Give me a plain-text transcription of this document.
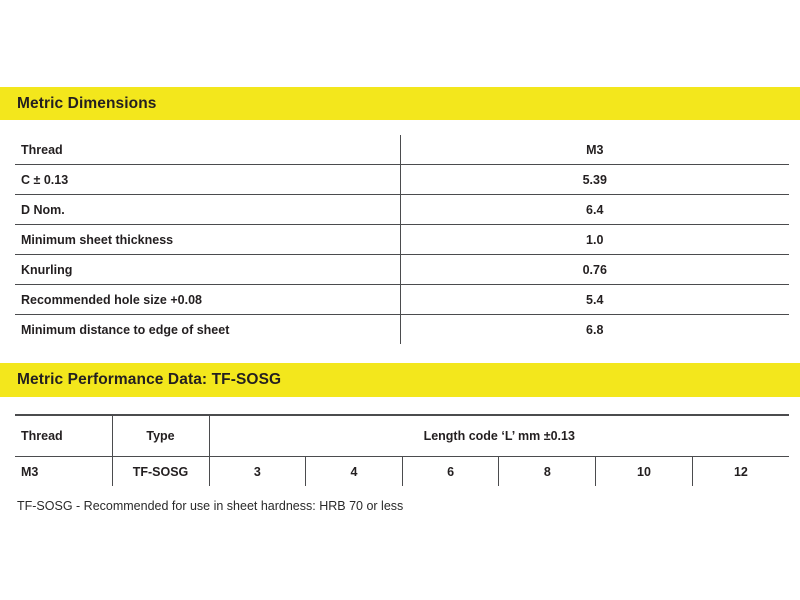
Metric Dimensions
Thread	M3
C ± 0.13	5.39
D Nom.	6.4
Minimum sheet thickness	1.0
Knurling	0.76
Recommended hole size +0.08	5.4
Minimum distance to edge of sheet	6.8
Metric Performance Data: TF-SOSG
Thread	Type	Length code ‘L’ mm ±0.13					
M3	TF-SOSG	3	4	6	8	10	12
TF-SOSG - Recommended for use in sheet hardness: HRB 70 or less
